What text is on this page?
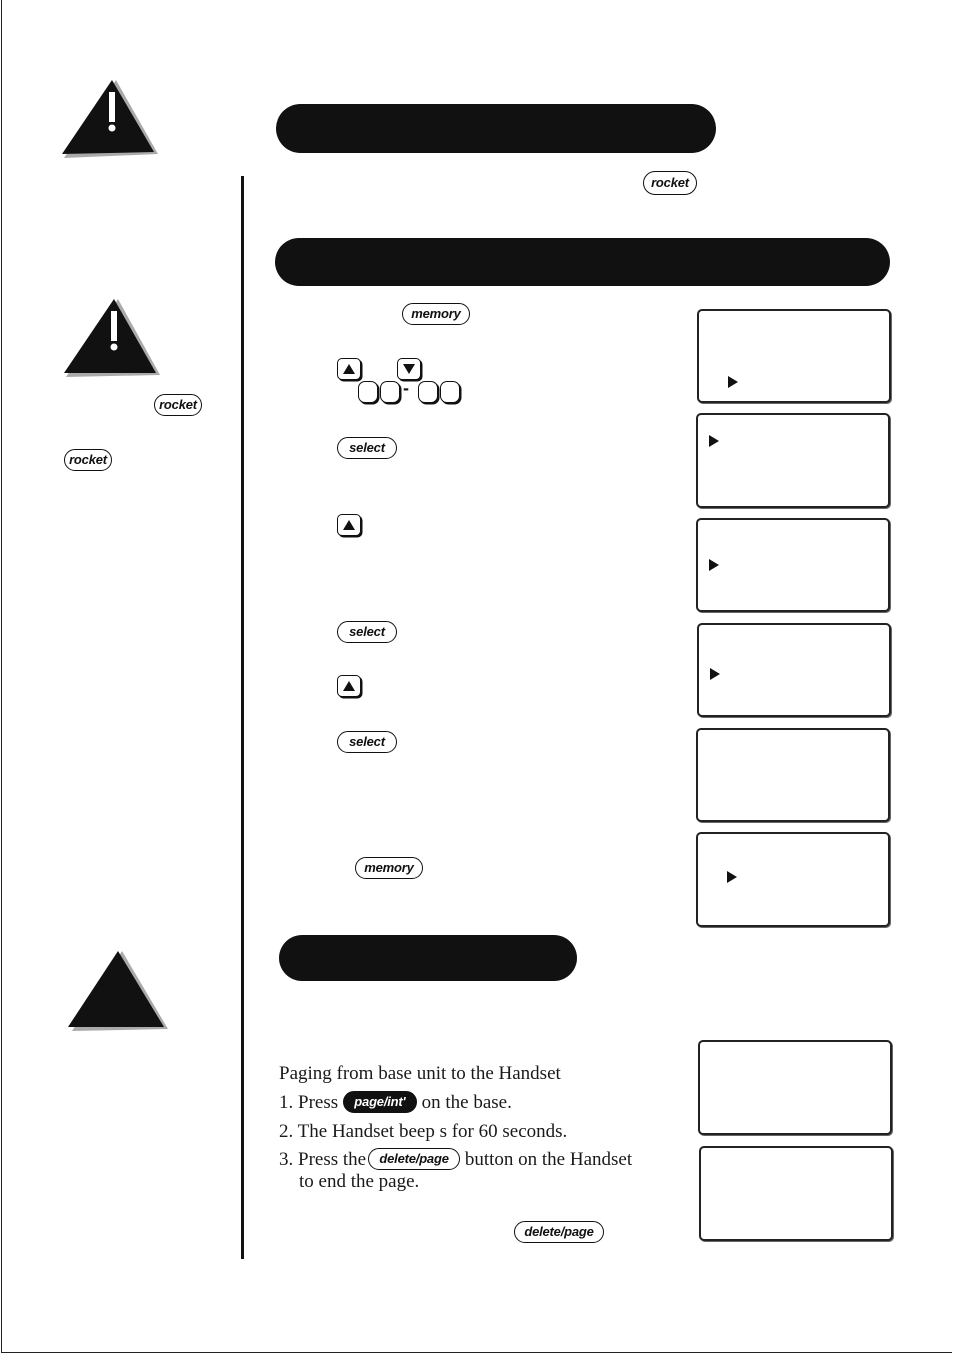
rocket
rocket
rocket
memory
select
select
select
memory
delete/page
-
Paging from base unit to the Handset
1. Press page/int' on the base.
2. The Handset beep s for 60 seconds.
3. Press the delete/page button on the Handset
to end the page.
